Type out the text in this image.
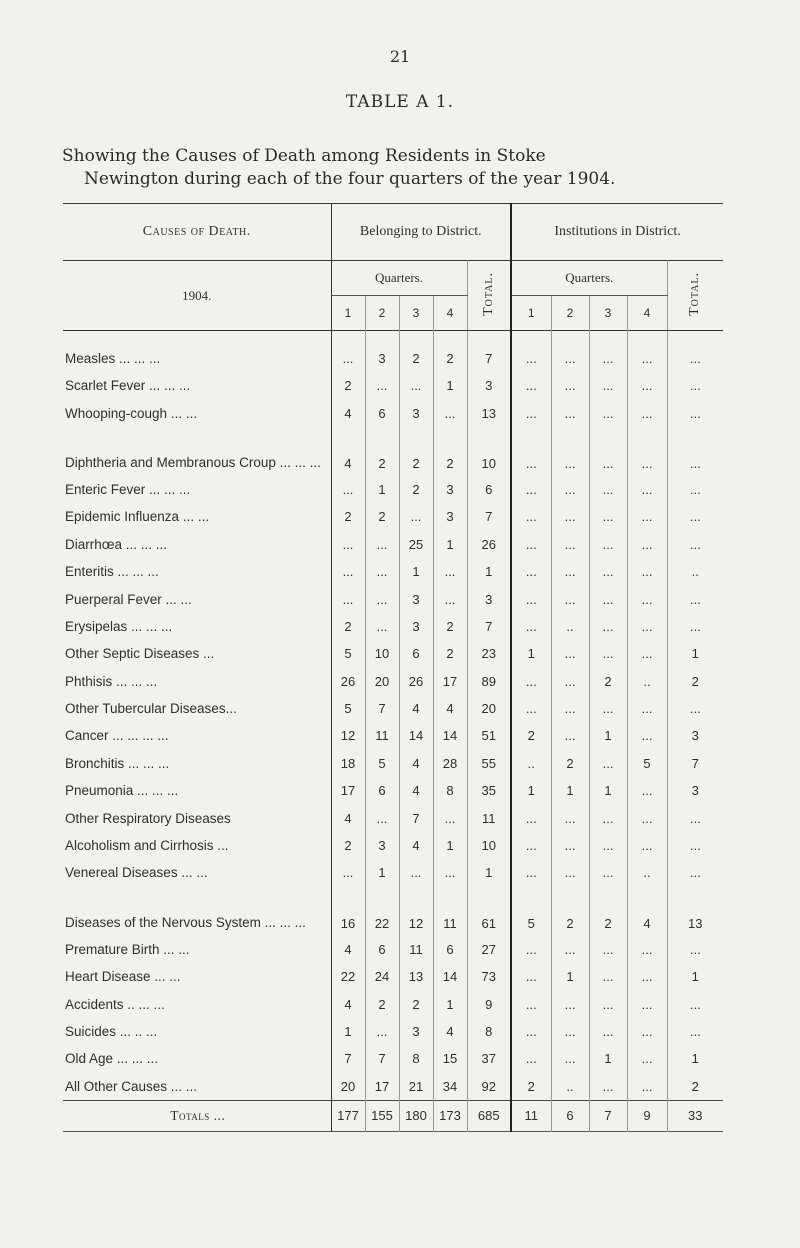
21
TABLE A 1.
Showing the Causes of Death among Residents in Stoke
Newington during each of the four quarters of the year 1904.
Causes of Death.	Belonging to District.					Institutions in District.				
1904.	Quarters.				Total.	Quarters.				Total.
	1	2	3	4		1	2	3	4	
Measles ... ... ...	...	3	2	2	7	...	...	...	...	...
Scarlet Fever ... ... ...	2	...	...	1	3	...	...	...	...	...
Whooping-cough ... ...	4	6	3	...	13	...	...	...	...	...
Diphtheria and Membranous Croup ... ... ...	4	2	2	2	10	...	...	...	...	...
Enteric Fever ... ... ...	...	1	2	3	6	...	...	...	...	...
Epidemic Influenza ... ...	2	2	...	3	7	...	...	...	...	...
Diarrhœa ... ... ...	...	...	25	1	26	...	...	...	...	...
Enteritis ... ... ...	...	...	1	...	1	...	...	...	...	..
Puerperal Fever ... ...	...	...	3	...	3	...	...	...	...	...
Erysipelas ... ... ...	2	...	3	2	7	...	..	...	...	...
Other Septic Diseases ...	5	10	6	2	23	1	...	...	...	1
Phthisis ... ... ...	26	20	26	17	89	...	...	2	..	2
Other Tubercular Diseases...	5	7	4	4	20	...	...	...	...	...
Cancer ... ... ... ...	12	11	14	14	51	2	...	1	...	3
Bronchitis ... ... ...	18	5	4	28	55	..	2	...	5	7
Pneumonia ... ... ...	17	6	4	8	35	1	1	1	...	3
Other Respiratory Diseases	4	...	7	...	11	...	...	...	...	...
Alcoholism and Cirrhosis ...	2	3	4	1	10	...	...	...	...	...
Venereal Diseases ... ...	...	1	...	...	1	...	...	...	..	...
Diseases of the Nervous System ... ... ...	16	22	12	11	61	5	2	2	4	13
Premature Birth ... ...	4	6	11	6	27	...	...	...	...	...
Heart Disease ... ...	22	24	13	14	73	...	1	...	...	1
Accidents .. ... ...	4	2	2	1	9	...	...	...	...	...
Suicides ... .. ...	1	...	3	4	8	...	...	...	...	...
Old Age ... ... ...	7	7	8	15	37	...	...	1	...	1
All Other Causes ... ...	20	17	21	34	92	2	..	...	...	2
Totals ...	177	155	180	173	685	11	6	7	9	33
